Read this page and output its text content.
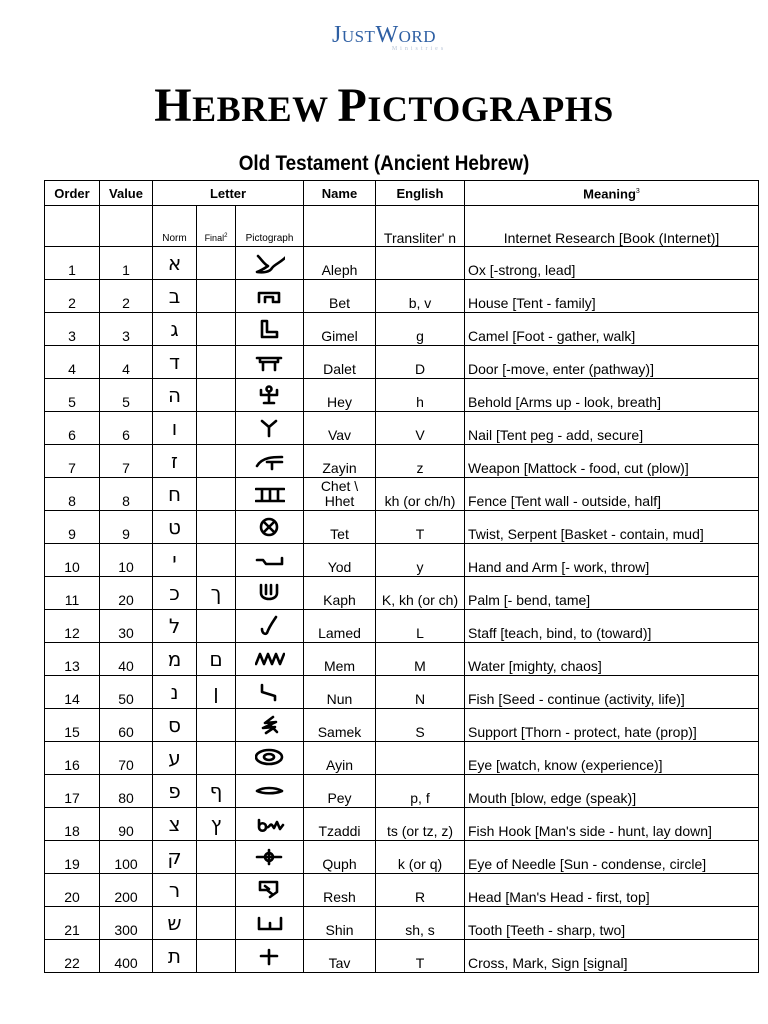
JUSTWORD
Ministries
HEBREW PICTOGRAPHS
Old Testament (Ancient Hebrew)
Order	Value	Letter			Name	English	Meaning$^3$
		Norm	Final$^2$	Pictograph		Transliter' n	Internet Research [Book (Internet)]
1	1	א			Aleph		Ox [-strong, lead]
2	2	ב			Bet	b, v	House [Tent - family]
3	3	ג			Gimel	g	Camel [Foot - gather, walk]
4	4	ד			Dalet	D	Door [-move, enter (pathway)]
5	5	ה			Hey	h	Behold [Arms up - look, breath]
6	6	ו			Vav	V	Nail [Tent peg - add, secure]
7	7	ז			Zayin	z	Weapon [Mattock - food, cut (plow)]
8	8	ח			Chet \ Hhet	kh (or ch/h)	Fence [Tent wall - outside, half]
9	9	ט			Tet	T	Twist, Serpent [Basket - contain, mud]
10	10	י			Yod	y	Hand and Arm [- work, throw]
11	20	כ	ך		Kaph	K, kh (or ch)	Palm [- bend, tame]
12	30	ל			Lamed	L	Staff [teach, bind, to (toward)]
13	40	מ	ם		Mem	M	Water [mighty, chaos]
14	50	נ	ן		Nun	N	Fish [Seed - continue (activity, life)]
15	60	ס			Samek	S	Support [Thorn - protect, hate (prop)]
16	70	ע			Ayin		Eye [watch, know (experience)]
17	80	פ	ף		Pey	p, f	Mouth [blow, edge (speak)]
18	90	צ	ץ		Tzaddi	ts (or tz, z)	Fish Hook [Man's side - hunt, lay down]
19	100	ק			Quph	k (or q)	Eye of Needle [Sun - condense, circle]
20	200	ר			Resh	R	Head [Man's Head - first, top]
21	300	ש			Shin	sh, s	Tooth [Teeth - sharp, two]
22	400	ת			Tav	T	Cross, Mark, Sign [signal]
